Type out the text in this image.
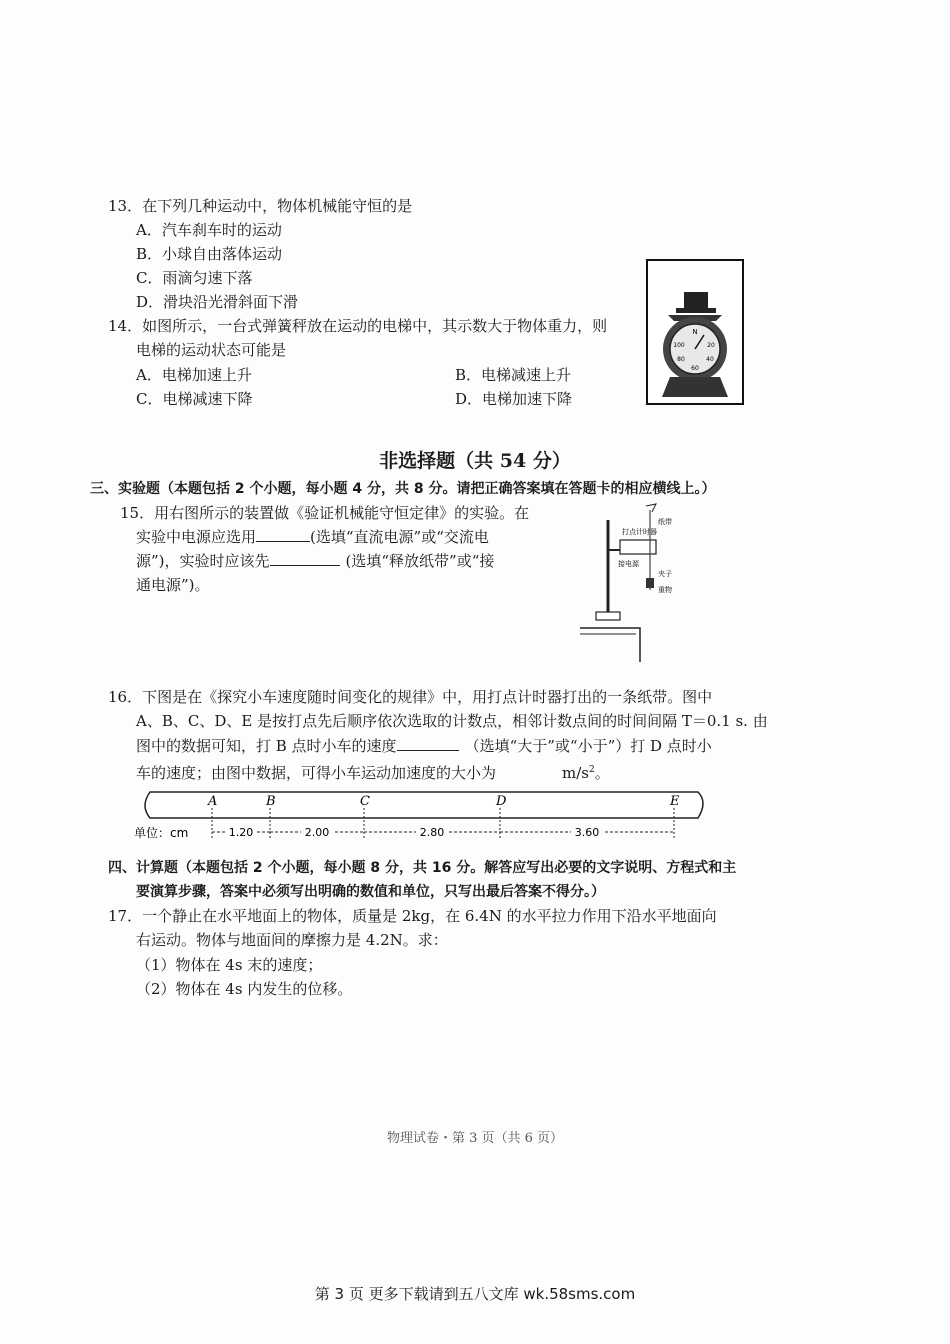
13．在下列几种运动中，物体机械能守恒的是
A．汽车刹车时的运动
B．小球自由落体运动
C．雨滴匀速下落
D．滑块沿光滑斜面下滑
14．如图所示，一台式弹簧秤放在运动的电梯中，其示数大于物体重力，则
电梯的运动状态可能是
A．电梯加速上升	B．电梯减速上升
C．电梯减速下降	D．电梯加速下降
N
100	20
80	40
60
非选择题（共 54 分）
三、实验题（本题包括 2 个小题，每小题 4 分，共 8 分。请把正确答案填在答题卡的相应横线上。）
15．用右图所示的装置做《验证机械能守恒定律》的实验。在
实验中电源应选用	(选填“直流电源”或“交流电
源”)，实验时应该先	(选填“释放纸带”或“接
通电源”)。
打点计时器
纸带
接电源
夹子
重物
16．下图是在《探究小车速度随时间变化的规律》中，用打点计时器打出的一条纸带。图中
A、B、C、D、E 是按打点先后顺序依次选取的计数点，相邻计数点间的时间间隔 T＝0.1 s. 由
图中的数据可知，打 B 点时小车的速度	（选填“大于”或“小于”）打 D 点时小
车的速度；由图中数据，可得小车运动加速度的大小为	$m/s^2$。
A	B	C	D	E
1.20	2.00	2.80	3.60
单位：cm
四、计算题（本题包括 2 个小题，每小题 8 分，共 16 分。解答应写出必要的文字说明、方程式和主
要演算步骤，答案中必须写出明确的数值和单位，只写出最后答案不得分。）
17．一个静止在水平地面上的物体，质量是 2kg，在 6.4N 的水平拉力作用下沿水平地面向
右运动。物体与地面间的摩擦力是 4.2N。求：
（1）物体在 4s 末的速度；
（2）物体在 4s 内发生的位移。
物理试卷・第 3 页（共 6 页）
第 3 页 更多下载请到五八文库 wk.58sms.com
